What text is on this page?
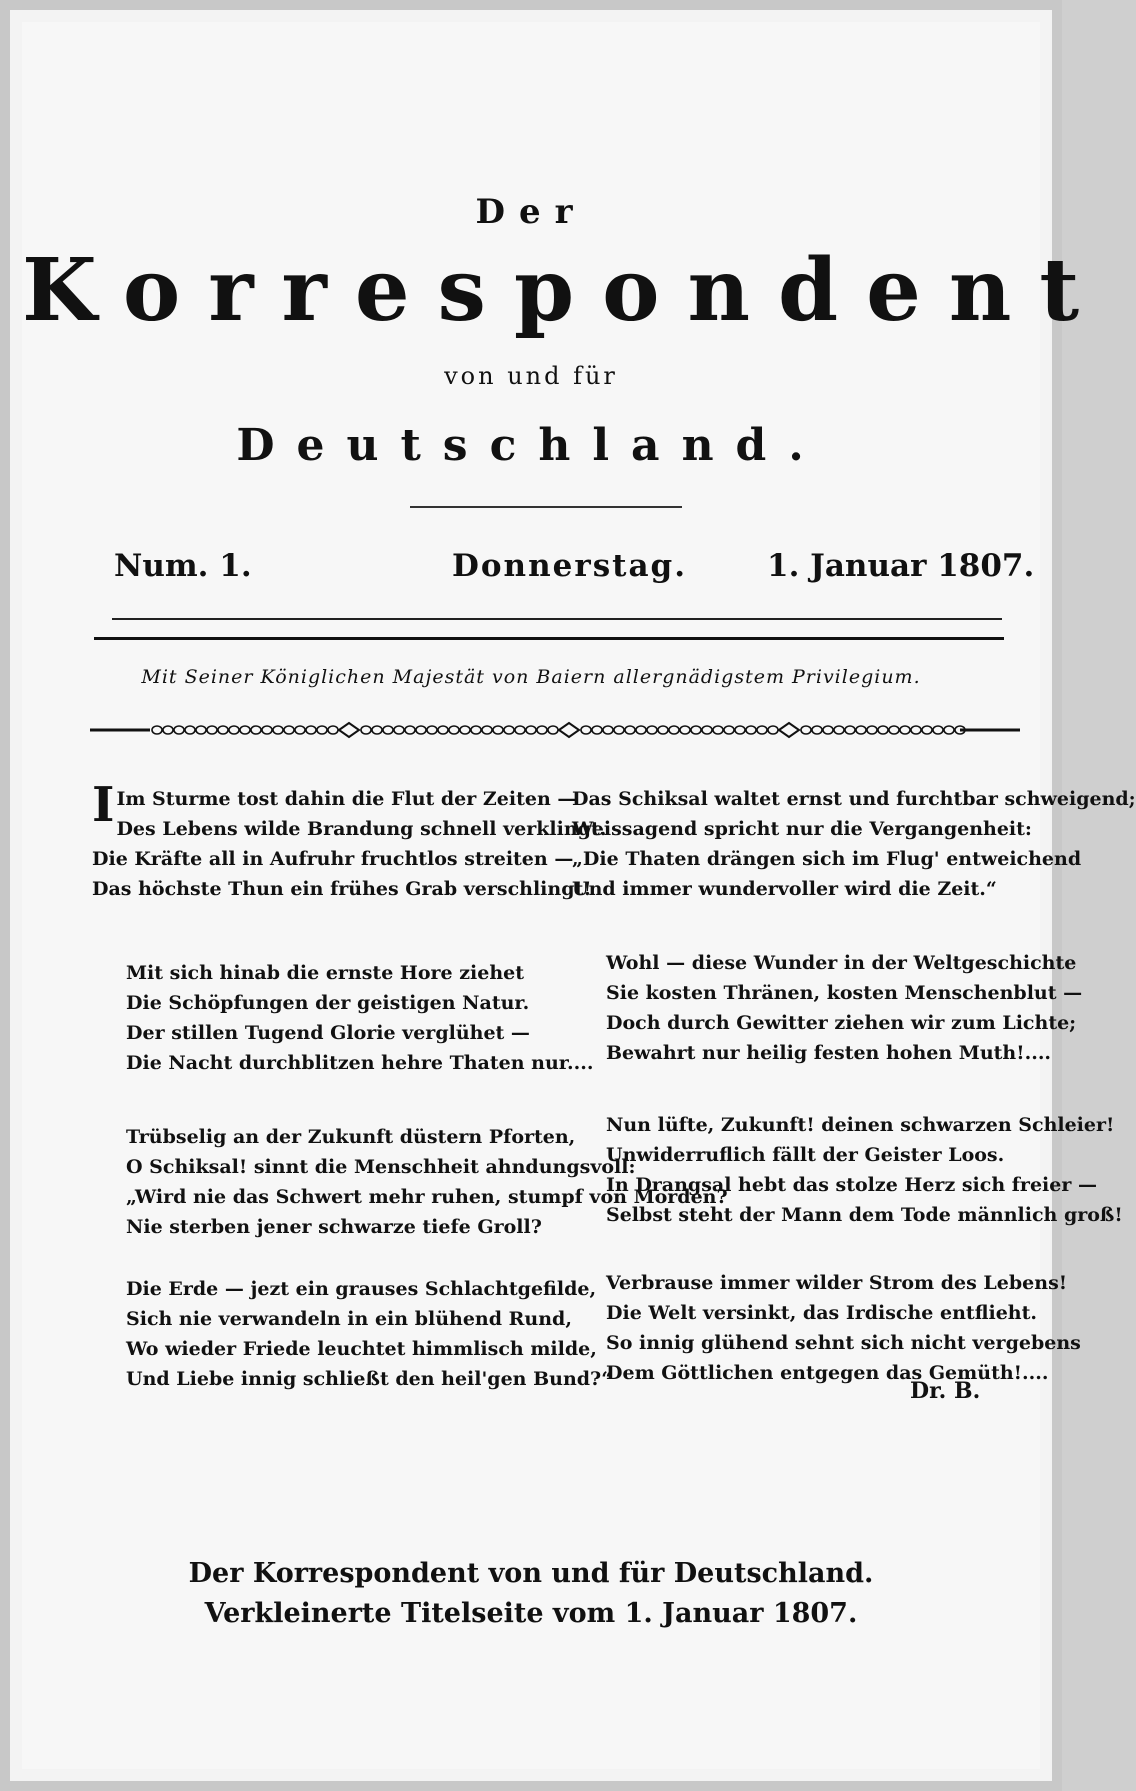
Der
Korrespondent
von und für
Deutschland.
Num. 1.	Donnerstag.	1. Januar 1807.
Mit Seiner Königlichen Majestät von Baiern allergnädigstem Privilegium.
I Im Sturme tost dahin die Flut der Zeiten —
Des Lebens wilde Brandung schnell verklingt.
Die Kräfte all in Aufruhr fruchtlos streiten —
Das höchste Thun ein frühes Grab verschlingt!
Mit sich hinab die ernste Hore ziehet
Die Schöpfungen der geistigen Natur.
Der stillen Tugend Glorie verglühet —
Die Nacht durchblitzen hehre Thaten nur....
Trübselig an der Zukunft düstern Pforten,
O Schiksal! sinnt die Menschheit ahndungsvoll:
„Wird nie das Schwert mehr ruhen, stumpf von Morden?
Nie sterben jener schwarze tiefe Groll?
Die Erde — jezt ein grauses Schlachtgefilde,
Sich nie verwandeln in ein blühend Rund,
Wo wieder Friede leuchtet himmlisch milde,
Und Liebe innig schließt den heil'gen Bund?“
Das Schiksal waltet ernst und furchtbar schweigend;
Weissagend spricht nur die Vergangenheit:
„Die Thaten drängen sich im Flug' entweichend
Und immer wundervoller wird die Zeit.“
Wohl — diese Wunder in der Weltgeschichte
Sie kosten Thränen, kosten Menschenblut —
Doch durch Gewitter ziehen wir zum Lichte;
Bewahrt nur heilig festen hohen Muth!....
Nun lüfte, Zukunft! deinen schwarzen Schleier!
Unwiderruflich fällt der Geister Loos.
In Drangsal hebt das stolze Herz sich freier —
Selbst steht der Mann dem Tode männlich groß!
Verbrause immer wilder Strom des Lebens!
Die Welt versinkt, das Irdische entflieht.
So innig glühend sehnt sich nicht vergebens
Dem Göttlichen entgegen das Gemüth!....
Dr. B.
Der Korrespondent von und für Deutschland.
Verkleinerte Titelseite vom 1. Januar 1807.
